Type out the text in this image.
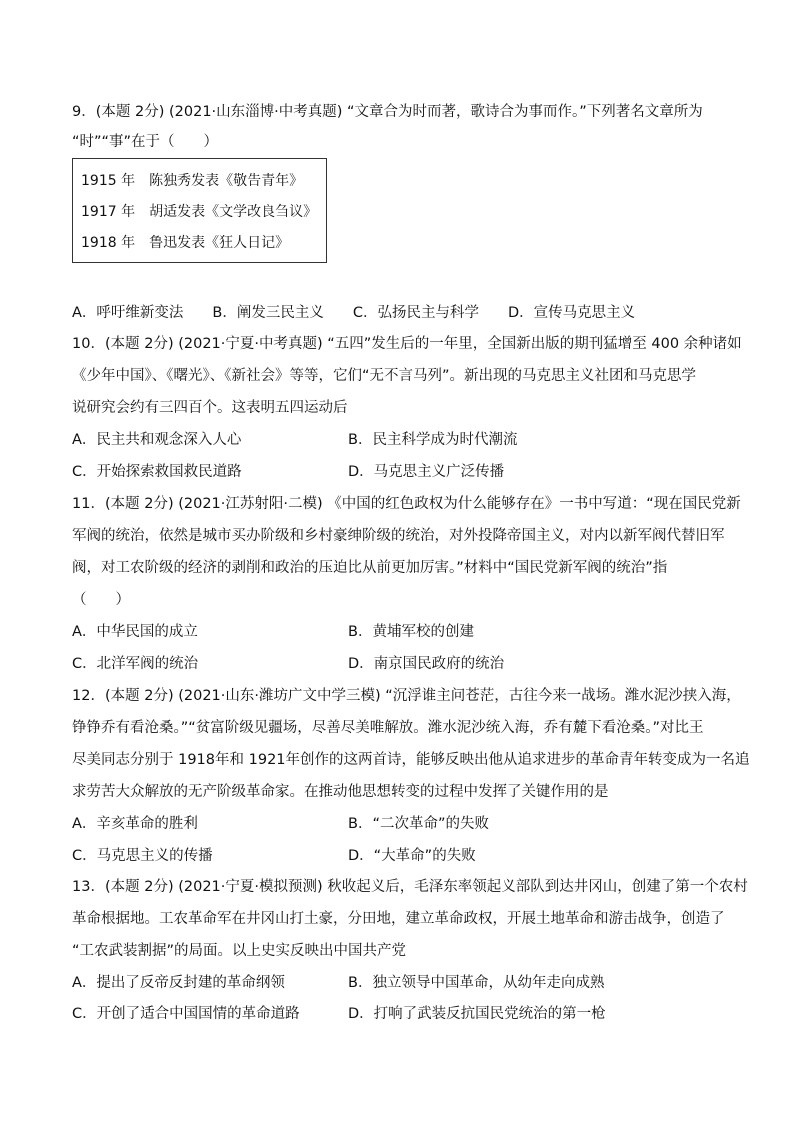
9．(本题 2分) (2021·山东淄博·中考真题) “文章合为时而著，歌诗合为事而作。”下列著名文章所为
“时”“事”在于（　　）
1915 年　陈独秀发表《敬告青年》
1917 年　胡适发表《文学改良刍议》
1918 年　鲁迅发表《狂人日记》
A．呼吁维新变法　　B．阐发三民主义　　C．弘扬民主与科学　　D．宣传马克思主义
10．(本题 2分) (2021·宁夏·中考真题) “五四”发生后的一年里，全国新出版的期刊猛增至 400 余种诸如
《少年中国》、《曙光》、《新社会》等等，它们“无不言马列”。新出现的马克思主义社团和马克思学
说研究会约有三四百个。这表明五四运动后
A．民主共和观念深入人心	B．民主科学成为时代潮流
C．开始探索救国救民道路	D．马克思主义广泛传播
11．(本题 2分) (2021·江苏射阳·二模) 《中国的红色政权为什么能够存在》一书中写道：“现在国民党新
军阀的统治，依然是城市买办阶级和乡村豪绅阶级的统治，对外投降帝国主义，对内以新军阀代替旧军
阀，对工农阶级的经济的剥削和政治的压迫比从前更加厉害。”材料中“国民党新军阀的统治”指
（　　）
A．中华民国的成立	B．黄埔军校的创建
C．北洋军阀的统治	D．南京国民政府的统治
12．(本题 2分) (2021·山东·潍坊广文中学三模) “沉浮谁主问苍茫，古往今来一战场。潍水泥沙挟入海，
铮铮乔有看沧桑。”“贫富阶级见疆场，尽善尽美唯解放。潍水泥沙统入海，乔有麓下看沧桑。”对比王
尽美同志分别于 1918年和 1921年创作的这两首诗，能够反映出他从追求进步的革命青年转变成为一名追
求劳苦大众解放的无产阶级革命家。在推动他思想转变的过程中发挥了关键作用的是
A．辛亥革命的胜利	B．“二次革命”的失败
C．马克思主义的传播	D．“大革命”的失败
13．(本题 2分) (2021·宁夏·模拟预测) 秋收起义后，毛泽东率领起义部队到达井冈山，创建了第一个农村
革命根据地。工农革命军在井冈山打土豪，分田地，建立革命政权，开展土地革命和游击战争，创造了
“工农武装割据”的局面。以上史实反映出中国共产党
A．提出了反帝反封建的革命纲领	B．独立领导中国革命，从幼年走向成熟
C．开创了适合中国国情的革命道路	D．打响了武装反抗国民党统治的第一枪
